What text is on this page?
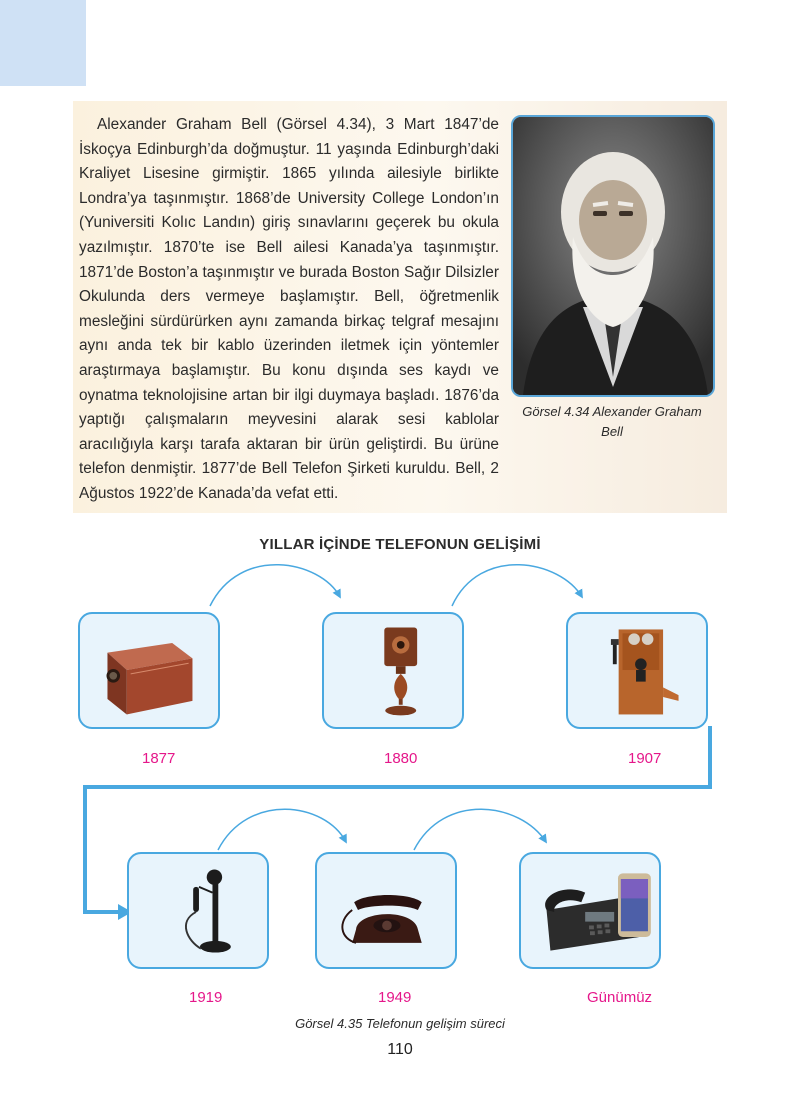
Alexander Graham Bell (Görsel 4.34), 3 Mart 1847’de İskoçya Edinburgh’da doğmuştur. 11 yaşında Edinburgh’daki Kraliyet Lisesine girmiştir. 1865 yılında ailesiyle birlikte Londra’ya taşınmıştır. 1868’de University College London’ın (Yuniversiti Kolıc Landın) giriş sınavlarını geçerek bu okula yazılmıştır. 1870’te ise Bell ailesi Kanada’ya taşınmıştır. 1871’de Boston’a taşınmıştır ve burada Boston Sağır Dilsizler Okulunda ders vermeye başlamıştır. Bell, öğretmenlik mesleğini sürdürürken aynı zamanda birkaç telgraf mesajını aynı anda tek bir kablo üzerinden iletmek için yöntemler araştırmaya başlamıştır. Bu konu dışında ses kaydı ve oynatma teknolojisine artan bir ilgi duymaya başladı. 1876’da yaptığı çalışmaların meyvesini alarak sesi kablolar aracılığıyla karşı tarafa aktaran bir ürün geliştirdi. Bu ürüne telefon denmiştir. 1877’de Bell Telefon Şirketi kuruldu. Bell, 2 Ağustos 1922’de Kanada’da vefat etti.
Görsel 4.34 Alexander Graham Bell
YILLAR İÇİNDE TELEFONUN GELİŞİMİ
1877	1880	1907
1919	1949	Günümüz
Görsel 4.35 Telefonun gelişim süreci
110
